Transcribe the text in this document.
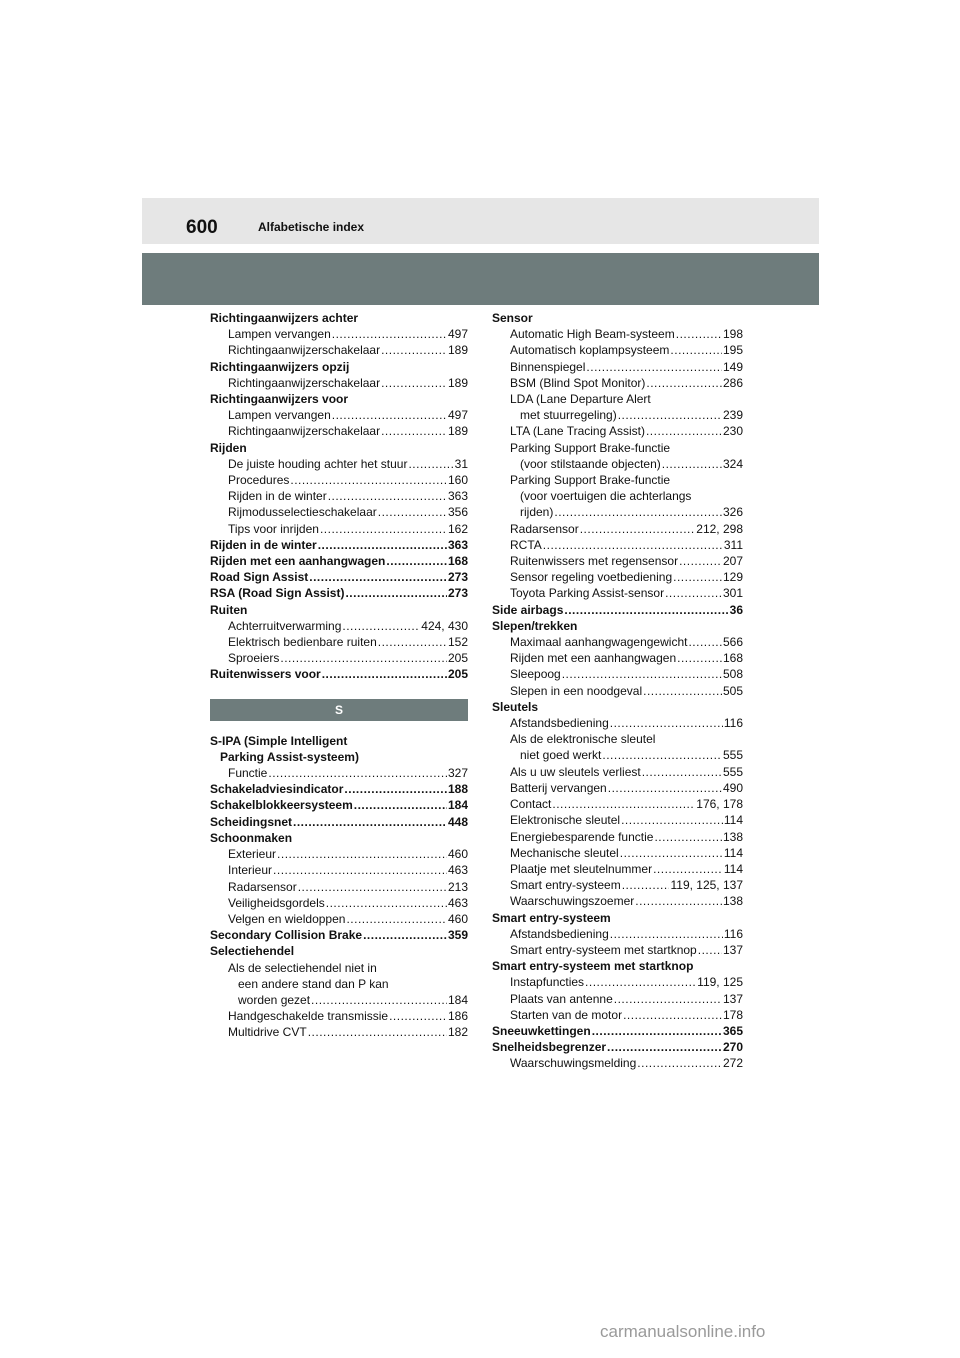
600	Alfabetische index
Richtingaanwijzers achter
Lampen vervangen .....	497
Richtingaanwijzerschakelaar .....	189
Richtingaanwijzers opzij
Richtingaanwijzerschakelaar .....	189
Richtingaanwijzers voor
Lampen vervangen .....	497
Richtingaanwijzerschakelaar .....	189
Rijden
De juiste houding achter het stuur .....	31
Procedures .....	160
Rijden in de winter .....	363
Rijmodusselectieschakelaar .....	356
Tips voor inrijden .....	162
Rijden in de winter .....	363
Rijden met een aanhangwagen .....	168
Road Sign Assist .....	273
RSA (Road Sign Assist) .....	273
Ruiten
Achterruitverwarming .....	424, 430
Elektrisch bedienbare ruiten .....	152
Sproeiers .....	205
Ruitenwissers voor .....	205
S
S-IPA (Simple Intelligent
Parking Assist-systeem)
Functie .....	327
Schakeladviesindicator .....	188
Schakelblokkeersysteem .....	184
Scheidingsnet .....	448
Schoonmaken
Exterieur .....	460
Interieur .....	463
Radarsensor .....	213
Veiligheidsgordels .....	463
Velgen en wieldoppen .....	460
Secondary Collision Brake .....	359
Selectiehendel
Als de selectiehendel niet in
een andere stand dan P kan
worden gezet .....	184
Handgeschakelde transmissie .....	186
Multidrive CVT .....	182
Sensor
Automatic High Beam-systeem .....	198
Automatisch koplampsysteem .....	195
Binnenspiegel .....	149
BSM (Blind Spot Monitor) .....	286
LDA (Lane Departure Alert
met stuurregeling) .....	239
LTA (Lane Tracing Assist) .....	230
Parking Support Brake-functie
(voor stilstaande objecten) .....	324
Parking Support Brake-functie
(voor voertuigen die achterlangs
rijden) .....	326
Radarsensor .....	212, 298
RCTA .....	311
Ruitenwissers met regensensor .....	207
Sensor regeling voetbediening .....	129
Toyota Parking Assist-sensor .....	301
Side airbags .....	36
Slepen/trekken
Maximaal aanhangwagengewicht .....	566
Rijden met een aanhangwagen .....	168
Sleepoog .....	508
Slepen in een noodgeval .....	505
Sleutels
Afstandsbediening .....	116
Als de elektronische sleutel
niet goed werkt .....	555
Als u uw sleutels verliest .....	555
Batterij vervangen .....	490
Contact .....	176, 178
Elektronische sleutel .....	114
Energiebesparende functie .....	138
Mechanische sleutel .....	114
Plaatje met sleutelnummer .....	114
Smart entry-systeem .....	119, 125, 137
Waarschuwingszoemer .....	138
Smart entry-systeem
Afstandsbediening .....	116
Smart entry-systeem met startknop ..... 137
Smart entry-systeem met startknop
Instapfuncties .....	119, 125
Plaats van antenne .....	137
Starten van de motor .....	178
Sneeuwkettingen .....	365
Snelheidsbegrenzer .....	270
Waarschuwingsmelding .....	272
carmanualsonline.info
